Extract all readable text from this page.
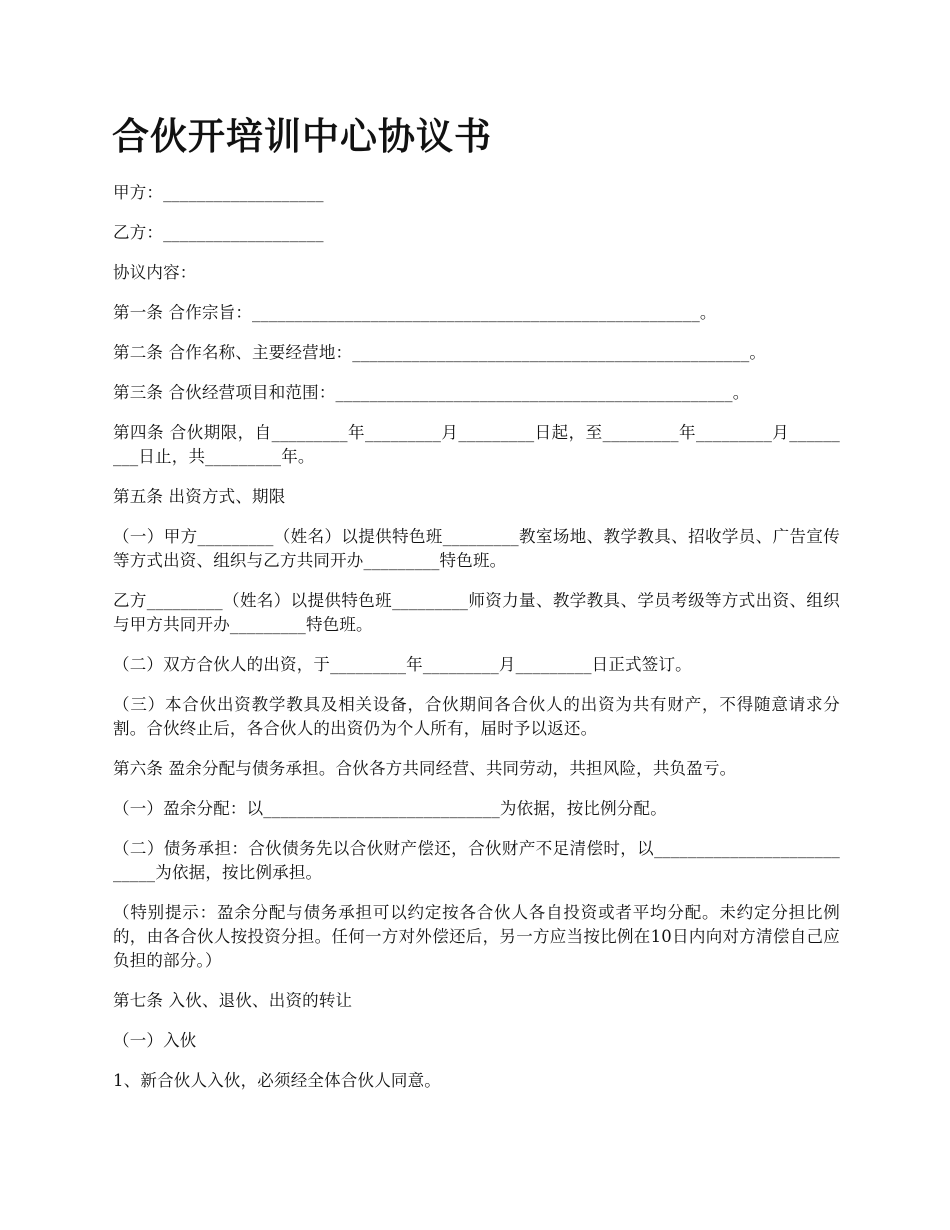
合伙开培训中心协议书

甲方：___________________

乙方：___________________

协议内容：

第一条 合作宗旨：_____________________________________________________。

第二条 合作名称、主要经营地：_______________________________________________。

第三条 合伙经营项目和范围：_______________________________________________。

第四条 合伙期限，自_________年_________月_________日起，至_________年_________月_________日止，共_________年。

第五条 出资方式、期限

（一）甲方_________（姓名）以提供特色班_________教室场地、教学教具、招收学员、广告宣传等方式出资、组织与乙方共同开办_________特色班。

乙方_________（姓名）以提供特色班_________师资力量、教学教具、学员考级等方式出资、组织与甲方共同开办_________特色班。

（二）双方合伙人的出资，于_________年_________月_________日正式签订。

（三）本合伙出资教学教具及相关设备，合伙期间各合伙人的出资为共有财产，不得随意请求分割。合伙终止后，各合伙人的出资仍为个人所有，届时予以返还。

第六条 盈余分配与债务承担。合伙各方共同经营、共同劳动，共担风险，共负盈亏。

（一）盈余分配：以____________________________为依据，按比例分配。

（二）债务承担：合伙债务先以合伙财产偿还，合伙财产不足清偿时，以___________________________为依据，按比例承担。

（特别提示：盈余分配与债务承担可以约定按各合伙人各自投资或者平均分配。未约定分担比例的，由各合伙人按投资分担。任何一方对外偿还后，另一方应当按比例在10日内向对方清偿自己应负担的部分。）

第七条 入伙、退伙、出资的转让

（一）入伙

1、新合伙人入伙，必须经全体合伙人同意。
